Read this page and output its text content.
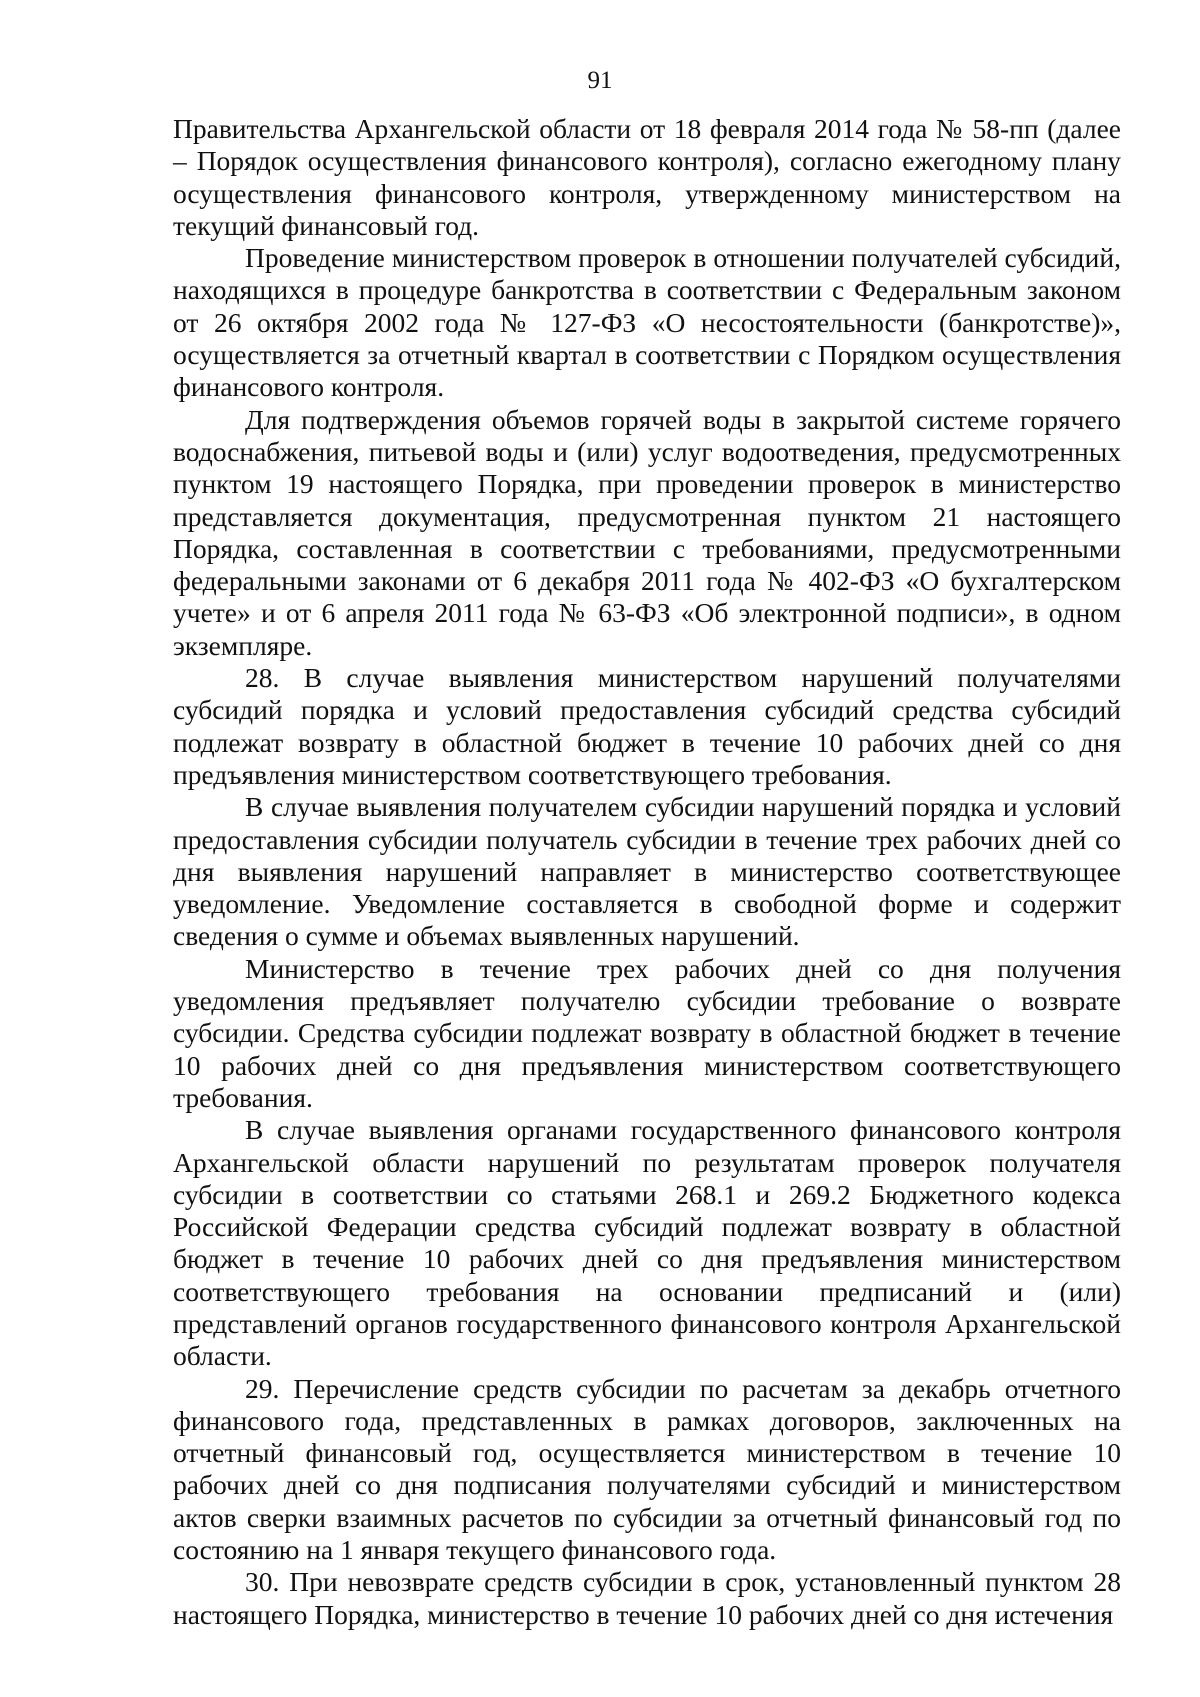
91

Правительства Архангельской области от 18 февраля 2014 года № 58-пп (далее – Порядок осуществления финансового контроля), согласно ежегодному плану осуществления финансового контроля, утвержденному министерством на текущий финансовый год.

Проведение министерством проверок в отношении получателей субсидий, находящихся в процедуре банкротства в соответствии с Федеральным законом от 26 октября 2002 года № 127-ФЗ «О несостоятельности (банкротстве)», осуществляется за отчетный квартал в соответствии с Порядком осуществления финансового контроля.

Для подтверждения объемов горячей воды в закрытой системе горячего водоснабжения, питьевой воды и (или) услуг водоотведения, предусмотренных пунктом 19 настоящего Порядка, при проведении проверок в министерство представляется документация, предусмотренная пунктом 21 настоящего Порядка, составленная в соответствии с требованиями, предусмотренными федеральными законами от 6 декабря 2011 года № 402-ФЗ «О бухгалтерском учете» и от 6 апреля 2011 года № 63-ФЗ «Об электронной подписи», в одном экземпляре.

28. В случае выявления министерством нарушений получателями субсидий порядка и условий предоставления субсидий средства субсидий подлежат возврату в областной бюджет в течение 10 рабочих дней со дня предъявления министерством соответствующего требования.

В случае выявления получателем субсидии нарушений порядка и условий предоставления субсидии получатель субсидии в течение трех рабочих дней со дня выявления нарушений направляет в министерство соответствующее уведомление. Уведомление составляется в свободной форме и содержит сведения о сумме и объемах выявленных нарушений.

Министерство в течение трех рабочих дней со дня получения уведомления предъявляет получателю субсидии требование о возврате субсидии. Средства субсидии подлежат возврату в областной бюджет в течение 10 рабочих дней со дня предъявления министерством соответствующего требования.

В случае выявления органами государственного финансового контроля Архангельской области нарушений по результатам проверок получателя субсидии в соответствии со статьями 268.1 и 269.2 Бюджетного кодекса Российской Федерации средства субсидий подлежат возврату в областной бюджет в течение 10 рабочих дней со дня предъявления министерством соответствующего требования на основании предписаний и (или) представлений органов государственного финансового контроля Архангельской области.

29. Перечисление средств субсидии по расчетам за декабрь отчетного финансового года, представленных в рамках договоров, заключенных на отчетный финансовый год, осуществляется министерством в течение 10 рабочих дней со дня подписания получателями субсидий и министерством актов сверки взаимных расчетов по субсидии за отчетный финансовый год по состоянию на 1 января текущего финансового года.

30. При невозврате средств субсидии в срок, установленный пунктом 28 настоящего Порядка, министерство в течение 10 рабочих дней со дня истечения
